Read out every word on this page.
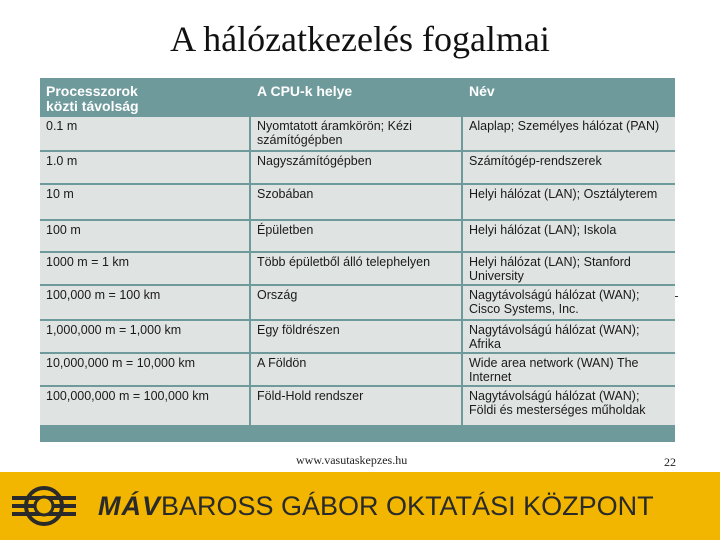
A hálózatkezelés fogalmai
Processzorok
közti távolság	A CPU-k helye	Név
0.1 m	Nyomtatott áramkörön; Kézi számítógépben	Alaplap; Személyes hálózat (PAN)
1.0 m	Nagyszámítógépben	Számítógép-rendszerek
10 m	Szobában	Helyi hálózat (LAN); Osztályterem
100 m	Épületben	Helyi hálózat (LAN); Iskola
1000 m = 1 km	Több épületből álló telephelyen	Helyi hálózat (LAN); Stanford University
100,000 m = 100 km	Ország	Nagytávolságú hálózat (WAN); Cisco Systems, Inc.
1,000,000 m = 1,000 km	Egy földrészen	Nagytávolságú hálózat (WAN); Afrika
10,000,000 m = 10,000 km	A Földön	Wide area network (WAN) The Internet
100,000,000 m = 100,000 km	Föld-Hold rendszer	Nagytávolságú hálózat (WAN); Földi és mesterséges műholdak
www.vasutaskepzes.hu	22
MÁVBAROSS GÁBOR OKTATÁSI KÖZPONT
